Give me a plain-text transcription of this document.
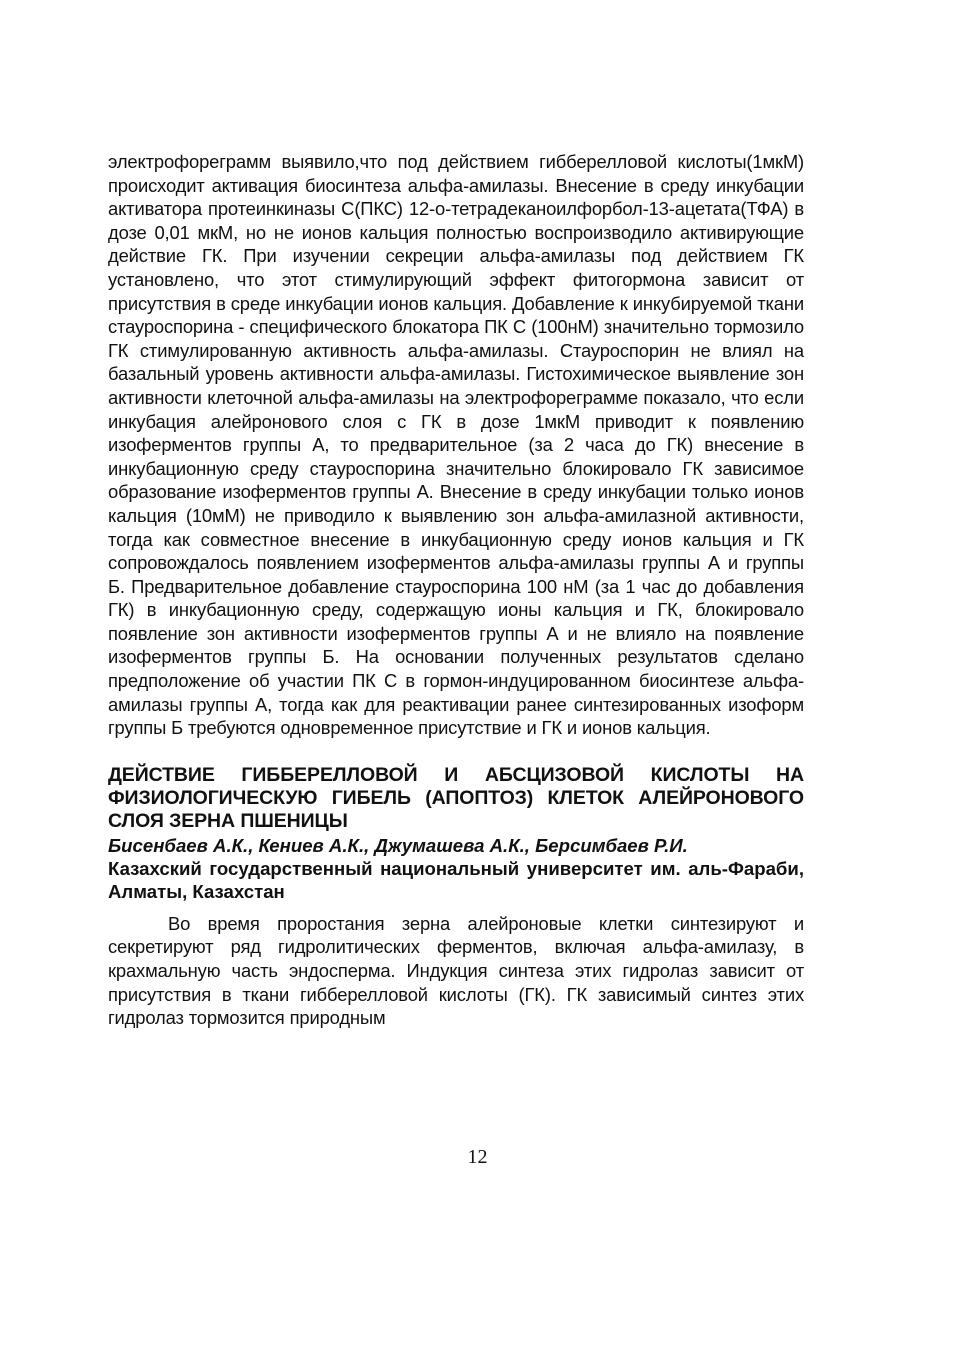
электрофореграмм выявило,что под действием гибберелловой кислоты(1мкМ) происходит активация биосинтеза альфа-амилазы. Внесение в среду инкубации активатора протеинкиназы С(ПКС) 12-о-тетрадеканоилфорбол-13-ацетата(ТФА) в дозе 0,01 мкМ, но не ионов кальция полностью воспроизводило активирующие действие ГК. При изучении секреции альфа-амилазы под действием ГК установлено, что этот стимулирующий эффект фитогормона зависит от присутствия в среде инкубации ионов кальция. Добавление к инкубируемой ткани стауроспорина - специфического блокатора ПК С (100нМ) значительно тормозило ГК стимулированную активность альфа-амилазы. Стауроспорин не влиял на базальный уровень активности альфа-амилазы. Гистохимическое выявление зон активности клеточной альфа-амилазы на электрофореграмме показало, что если инкубация алейронового слоя с ГК в дозе 1мкМ приводит к появлению изоферментов группы А, то предварительное (за 2 часа до ГК) внесение в инкубационную среду стауроспорина значительно блокировало ГК зависимое образование изоферментов группы А. Внесение в среду инкубации только ионов кальция (10мМ) не приводило к выявлению зон альфа-амилазной активности, тогда как совместное внесение в инкубационную среду ионов кальция и ГК сопровождалось появлением изоферментов альфа-амилазы группы А и группы Б. Предварительное добавление стауроспорина 100 нМ (за 1 час до добавления ГК) в инкубационную среду, содержащую ионы кальция и ГК, блокировало появление зон активности изоферментов группы А и не влияло на появление изоферментов группы Б. На основании полученных результатов сделано предположение об участии ПК С в гормон-индуцированном биосинтезе альфа-амилазы группы А, тогда как для реактивации ранее синтезированных изоформ группы Б требуются одновременное присутствие и ГК и ионов кальция.

ДЕЙСТВИЕ ГИББЕРЕЛЛОВОЙ И АБСЦИЗОВОЙ КИСЛОТЫ НА ФИЗИОЛОГИЧЕСКУЮ ГИБЕЛЬ (АПОПТОЗ) КЛЕТОК АЛЕЙРОНОВОГО СЛОЯ ЗЕРНА ПШЕНИЦЫ

Бисенбаев А.К., Кениев А.К., Джумашева А.К., Берсимбаев Р.И.

Казахский государственный национальный университет им. аль-Фараби, Алматы, Казахстан

Во время проростания зерна алейроновые клетки синтезируют и секретируют ряд гидролитических ферментов, включая альфа-амилазу, в крахмальную часть эндосперма. Индукция синтеза этих гидролаз зависит от присутствия в ткани гибберелловой кислоты (ГК). ГК зависимый синтез этих гидролаз тормозится природным

12
